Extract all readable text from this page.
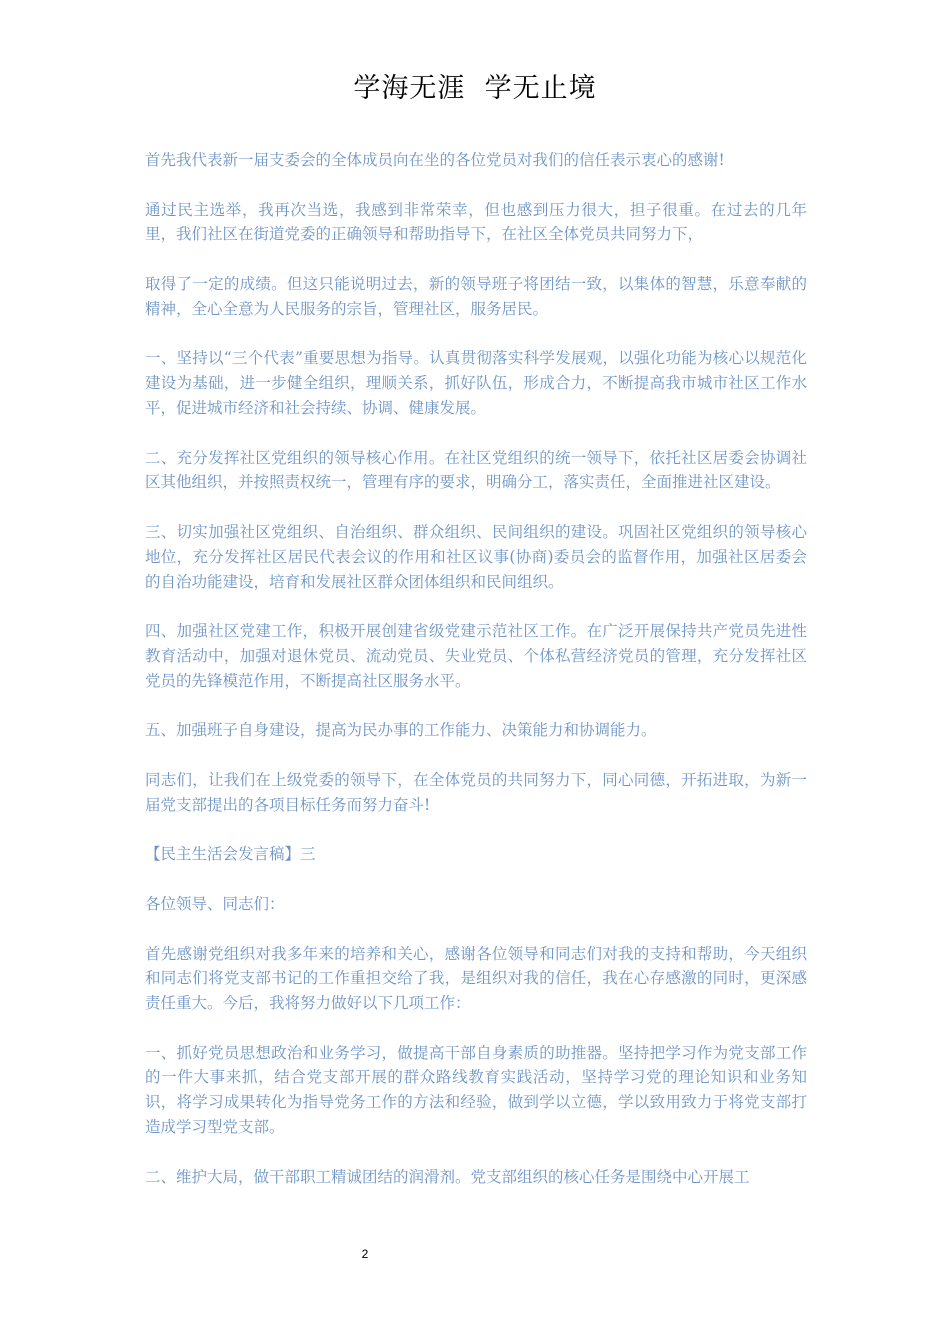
学海无涯  学无止境

首先我代表新一届支委会的全体成员向在坐的各位党员对我们的信任表示衷心的感谢!

通过民主选举，我再次当选，我感到非常荣幸，但也感到压力很大，担子很重。在过去的几年里，我们社区在街道党委的正确领导和帮助指导下，在社区全体党员共同努力下，

取得了一定的成绩。但这只能说明过去，新的领导班子将团结一致，以集体的智慧，乐意奉献的精神，全心全意为人民服务的宗旨，管理社区，服务居民。

一、坚持以“三个代表”重要思想为指导。认真贯彻落实科学发展观，以强化功能为核心以规范化建设为基础，进一步健全组织，理顺关系，抓好队伍，形成合力，不断提高我市城市社区工作水平，促进城市经济和社会持续、协调、健康发展。

二、充分发挥社区党组织的领导核心作用。在社区党组织的统一领导下，依托社区居委会协调社区其他组织，并按照责权统一，管理有序的要求，明确分工，落实责任，全面推进社区建设。

三、切实加强社区党组织、自治组织、群众组织、民间组织的建设。巩固社区党组织的领导核心地位，充分发挥社区居民代表会议的作用和社区议事(协商)委员会的监督作用，加强社区居委会的自治功能建设，培育和发展社区群众团体组织和民间组织。

四、加强社区党建工作，积极开展创建省级党建示范社区工作。在广泛开展保持共产党员先进性教育活动中，加强对退休党员、流动党员、失业党员、个体私营经济党员的管理，充分发挥社区党员的先锋模范作用，不断提高社区服务水平。

五、加强班子自身建设，提高为民办事的工作能力、决策能力和协调能力。

同志们，让我们在上级党委的领导下，在全体党员的共同努力下，同心同德，开拓进取，为新一届党支部提出的各项目标任务而努力奋斗!

【民主生活会发言稿】三

各位领导、同志们：

首先感谢党组织对我多年来的培养和关心，感谢各位领导和同志们对我的支持和帮助，今天组织和同志们将党支部书记的工作重担交给了我，是组织对我的信任，我在心存感激的同时，更深感责任重大。今后，我将努力做好以下几项工作：

一、抓好党员思想政治和业务学习，做提高干部自身素质的助推器。坚持把学习作为党支部工作的一件大事来抓，结合党支部开展的群众路线教育实践活动，坚持学习党的理论知识和业务知识，将学习成果转化为指导党务工作的方法和经验，做到学以立德，学以致用致力于将党支部打造成学习型党支部。

二、维护大局，做干部职工精诚团结的润滑剂。党支部组织的核心任务是围绕中心开展工

2
